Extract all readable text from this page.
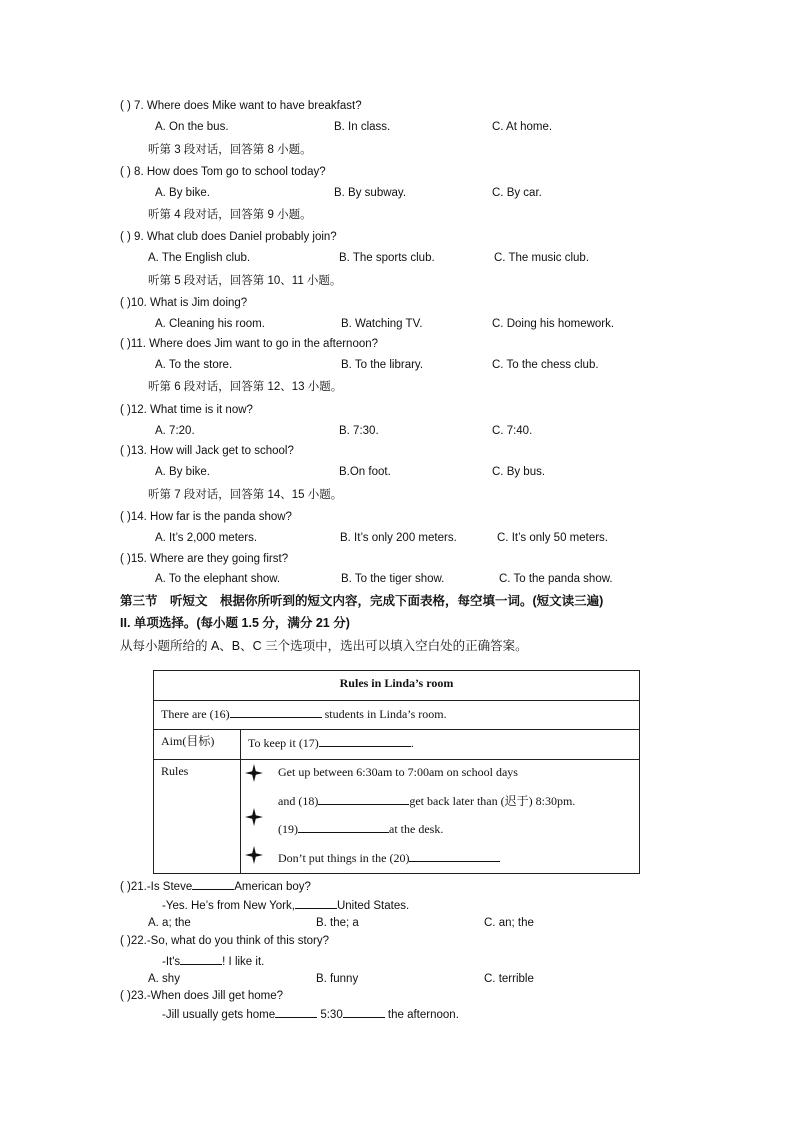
( ) 7. Where does Mike want to have breakfast?
A. On the bus.	B. In class.	C. At home.
听第 3 段对话，回答第 8 小题。
( ) 8. How does Tom go to school today?
A. By bike.	B. By subway.	C. By car.
听第 4 段对话，回答第 9 小题。
( ) 9. What club does Daniel probably join?
A. The English club.	B. The sports club.	C. The music club.
听第 5 段对话，回答第 10、11 小题。
( )10. What is Jim doing?
A. Cleaning his room.	B. Watching TV.	C. Doing his homework.
( )11. Where does Jim want to go in the afternoon?
A. To the store.	B. To the library.	C. To the chess club.
听第 6 段对话，回答第 12、13 小题。
( )12. What time is it now?
A. 7:20.	B. 7:30.	C. 7:40.
( )13. How will Jack get to school?
A. By bike.	B.On foot.	C. By bus.
听第 7 段对话，回答第 14、15 小题。
( )14. How far is the panda show?
A. It’s 2,000 meters.	B. It’s only 200 meters.	C. It’s only 50 meters.
( )15. Where are they going first?
A. To the elephant show.	B. To the tiger show.	C. To the panda show.
第三节　听短文　根据你所听到的短文内容，完成下面表格，每空填一词。(短文读三遍)
II. 单项选择。(每小题 1.5 分，满分 21 分)
从每小题所给的 A、B、C 三个选项中，选出可以填入空白处的正确答案。
Rules in Linda’s room
There are (16)	students in Linda’s room.
Aim(目标)	To keep it (17)	.
Rules	Get up between 6:30am to 7:00am on school days
and (18)	get back later than (迟于) 8:30pm.
(19)	at the desk.
Don’t put things in the (20)
( )21.-Is Steve	American boy?
-Yes. He’s from New York,	United States.
A. a; the	B. the; a	C. an; the
( )22.-So, what do you think of this story?
-It's	! I like it.
A. shy	B. funny	C. terrible
( )23.-When does Jill get home?
-Jill usually gets home	5:30	the afternoon.
